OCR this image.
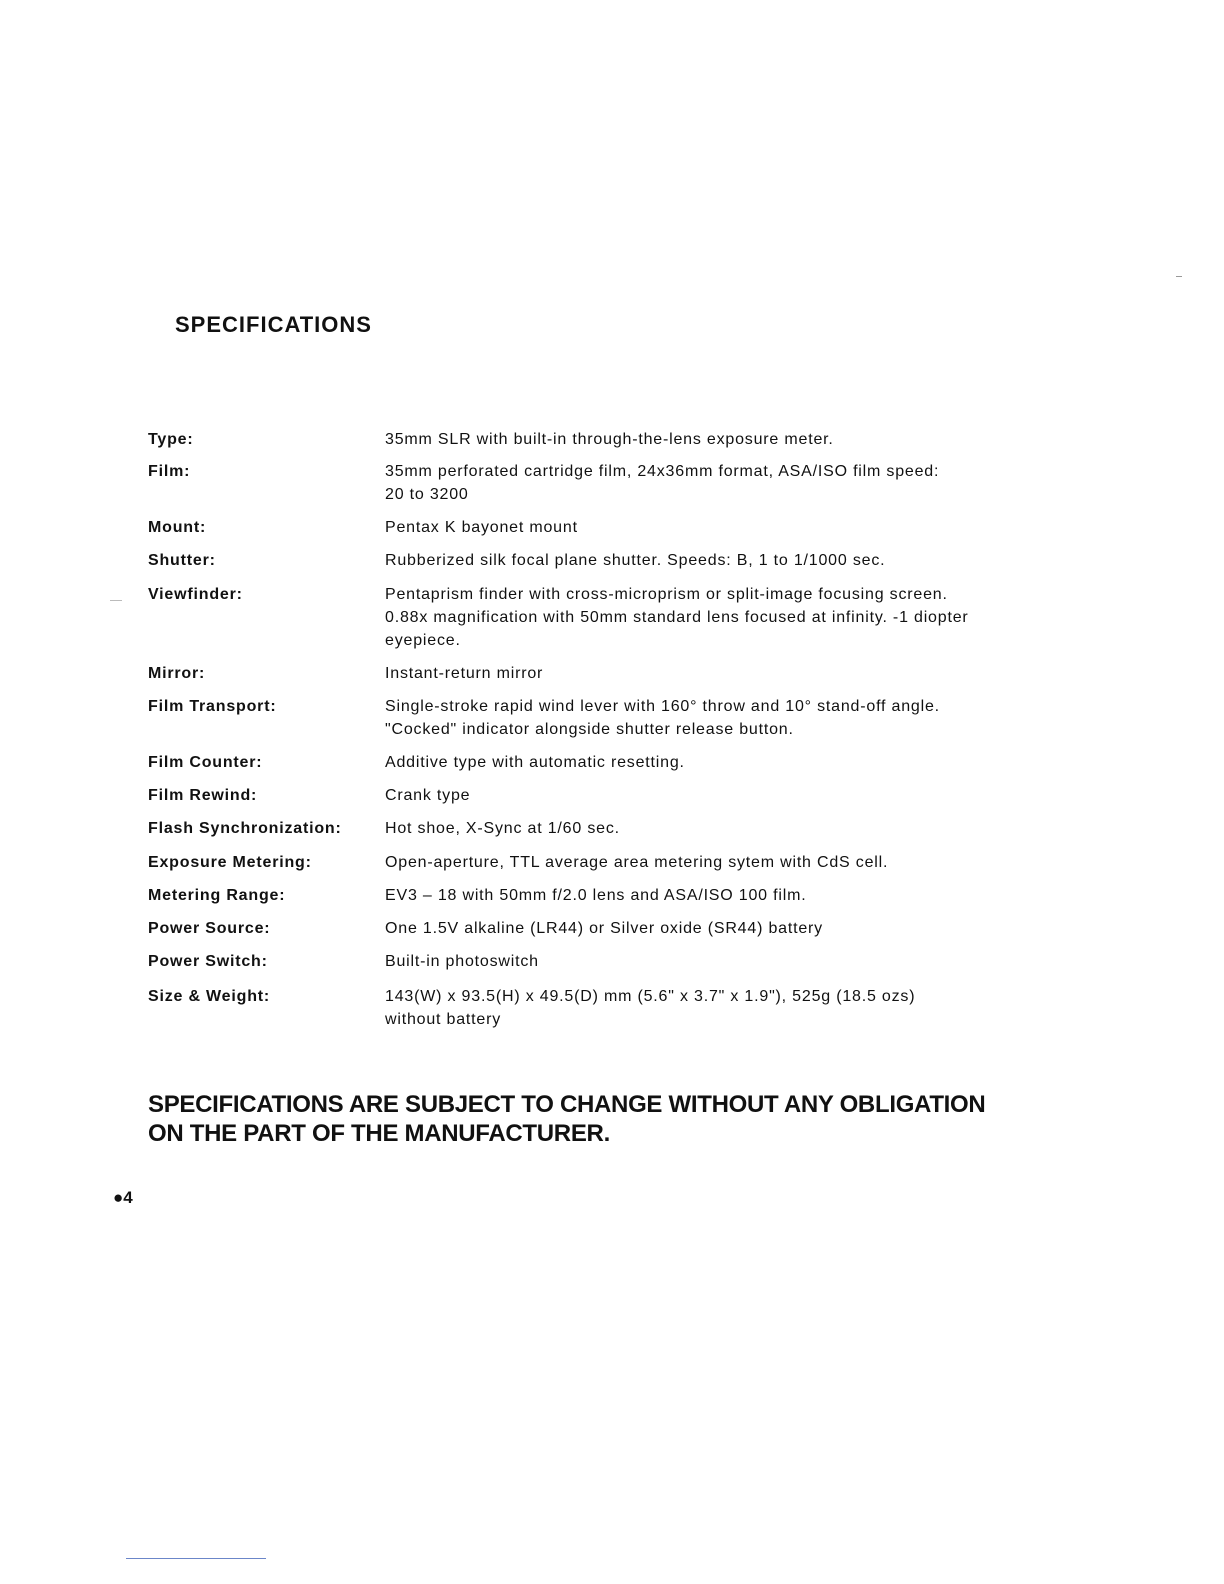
SPECIFICATIONS
Type:	35mm SLR with built-in through-the-lens exposure meter.
Film:	35mm perforated cartridge film, 24x36mm format, ASA/ISO film speed:
20 to 3200
Mount:	Pentax K bayonet mount
Shutter:	Rubberized silk focal plane shutter. Speeds: B, 1 to 1/1000 sec.
Viewfinder:	Pentaprism finder with cross-microprism or split-image focusing screen.
0.88x magnification with 50mm standard lens focused at infinity. -1 diopter
eyepiece.
Mirror:	Instant-return mirror
Film Transport:	Single-stroke rapid wind lever with 160° throw and 10° stand-off angle.
"Cocked" indicator alongside shutter release button.
Film Counter:	Additive type with automatic resetting.
Film Rewind:	Crank type
Flash Synchronization:	Hot shoe, X-Sync at 1/60 sec.
Exposure Metering:	Open-aperture, TTL average area metering sytem with CdS cell.
Metering Range:	EV3 – 18 with 50mm f/2.0 lens and ASA/ISO 100 film.
Power Source:	One 1.5V alkaline (LR44) or Silver oxide (SR44) battery
Power Switch:	Built-in photoswitch
Size & Weight:	143(W) x 93.5(H) x 49.5(D) mm (5.6" x 3.7" x 1.9"), 525g (18.5 ozs)
without battery

SPECIFICATIONS ARE SUBJECT TO CHANGE WITHOUT ANY OBLIGATION
ON THE PART OF THE MANUFACTURER.

●4
